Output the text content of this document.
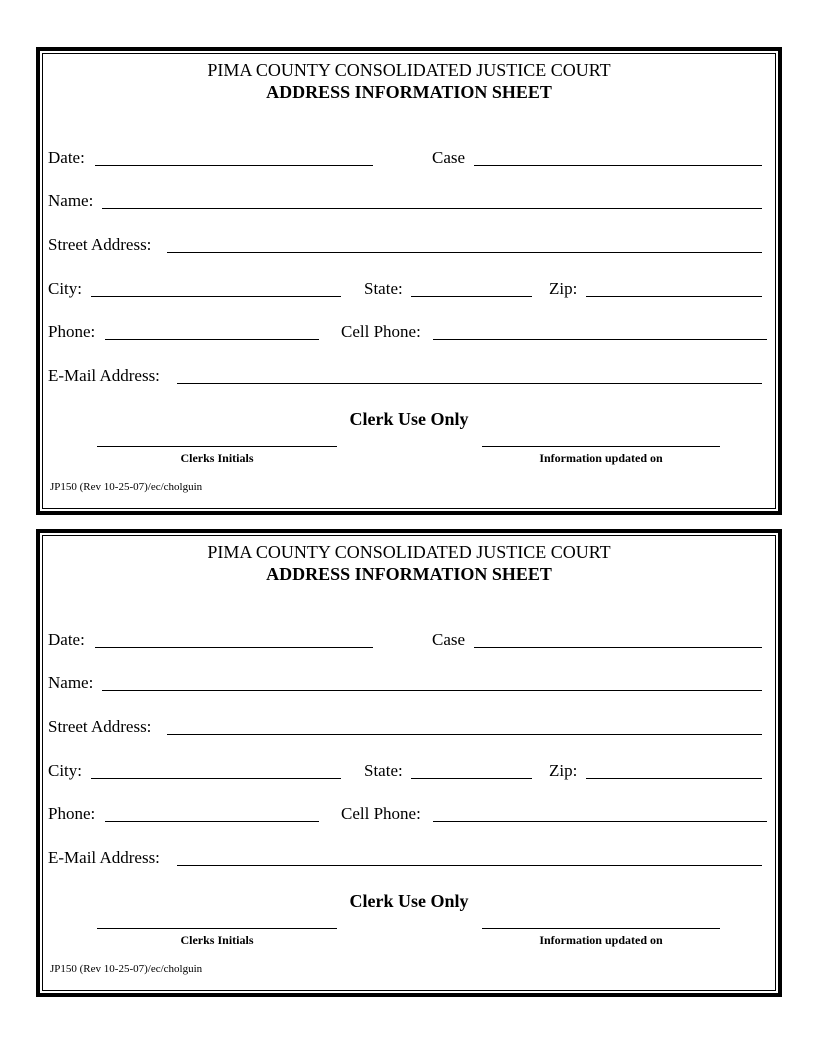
PIMA COUNTY CONSOLIDATED JUSTICE COURT
ADDRESS INFORMATION SHEET
Date:	Case
Name:
Street Address:
City:	State:	Zip:
Phone:	Cell Phone:
E-Mail Address:
Clerk Use Only
Clerks Initials	Information updated on
JP150 (Rev 10-25-07)/ec/cholguin
PIMA COUNTY CONSOLIDATED JUSTICE COURT
ADDRESS INFORMATION SHEET
Date:	Case
Name:
Street Address:
City:	State:	Zip:
Phone:	Cell Phone:
E-Mail Address:
Clerk Use Only
Clerks Initials	Information updated on
JP150 (Rev 10-25-07)/ec/cholguin
